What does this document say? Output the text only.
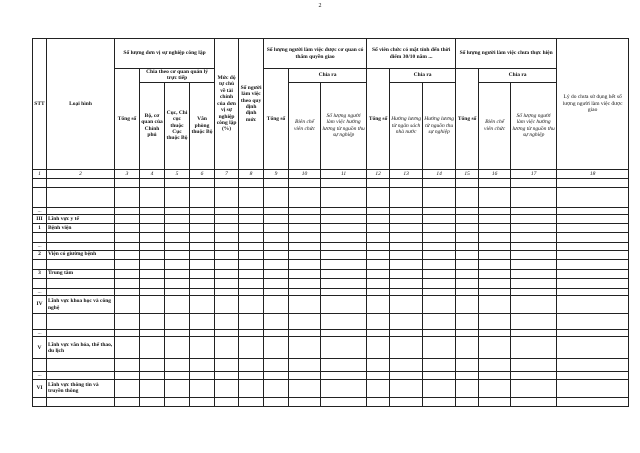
2
STT	Loại hình	Số lượng đơn vị sự nghiệp công lập				Mức độ tự chủ về tài chính của đơn vị sự nghiệp công lập (%)	Số người làm việc theo quy định định mức	Số lượng người làm việc được cơ quan có thẩm quyền giao			Số viên chức có mặt tính đến thời điểm 30/10 năm ...			Số lượng người làm việc chưa thực hiện			Lý do chưa sử dụng hết số lượng người làm việc được giao
		Tổng số	Chia theo cơ quan quản lý trực tiếp					Tổng số	Chia ra		Tổng số	Chia ra		Tổng số	Chia ra		
			Bộ, cơ quan của Chính phủ	Cục, Chi cục thuộc Cục thuộc Bộ	Văn phòng thuộc Bộ				Biên chế viên chức	Số lượng người làm việc hưởng lương từ nguồn thu sự nghiệp		Hưởng lương từ ngân sách nhà nước	Hưởng lương từ nguồn thu sự nghiệp		Biên chế viên chức	Số lượng người làm việc hưởng lương từ nguồn thu sự nghiệp	

1	2	3	4	5	6	7	8	9	10	11	12	13	14	15	16	17	18

...																	
III	Lĩnh vực y tế																
1	Bệnh viện																

...																	
2	Viện có giường bệnh																

3	Trung tâm																

...																	
IV	Lĩnh vực khoa học và công nghệ																

...																	
V	Lĩnh vực văn hóa, thể thao, du lịch																

...																	
VI	Lĩnh vực thông tin và truyền thông																
